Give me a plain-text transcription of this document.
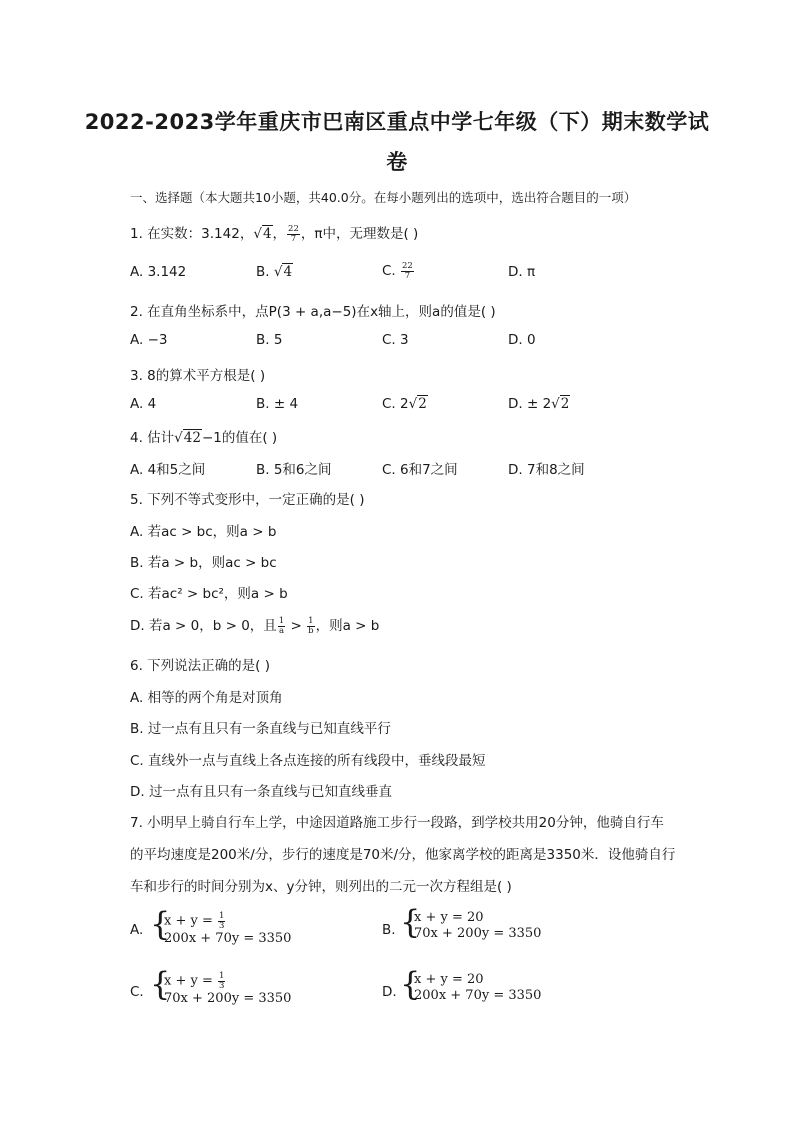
2022-2023学年重庆市巴南区重点中学七年级（下）期末数学试
卷
一、选择题（本大题共10小题，共40.0分。在每小题列出的选项中，选出符合题目的一项）
1. 在实数：3.142，√4， $\frac{22}{7}$ ，π中，无理数是( )
A. 3.142	B. √4	C. $\frac{22}{7}$	D. π
2. 在直角坐标系中，点P(3 + a,a−5)在x轴上，则a的值是( )
A. −3	B. 5	C. 3	D. 0
3. 8的算术平方根是( )
A. 4	B. ± 4	C. 2√2	D. ± 2√2
4. 估计√42−1的值在( )
A. 4和5之间	B. 5和6之间	C. 6和7之间	D. 7和8之间
5. 下列不等式变形中，一定正确的是( )
A. 若ac > bc，则a > b
B. 若a > b，则ac > bc
C. 若ac² > bc²，则a > b
D. 若a > 0，b > 0，且 $\frac{1}{a} > \frac{1}{b}$ ，则a > b
6. 下列说法正确的是( )
A. 相等的两个角是对顶角
B. 过一点有且只有一条直线与已知直线平行
C. 直线外一点与直线上各点连接的所有线段中，垂线段最短
D. 过一点有且只有一条直线与已知直线垂直
7. 小明早上骑自行车上学，中途因道路施工步行一段路，到学校共用20分钟，他骑自行车
的平均速度是200米/分，步行的速度是70米/分，他家离学校的距离是3350米．设他骑自行
车和步行的时间分别为x、y分钟，则列出的二元一次方程组是( )
A. {
$x + y = \frac{1}{3}$
200x + 70y = 3350
B. {
x + y = 20
70x + 200y = 3350
C. {
$x + y = \frac{1}{3}$
70x + 200y = 3350	D. {
x + y = 20
200x + 70y = 3350
